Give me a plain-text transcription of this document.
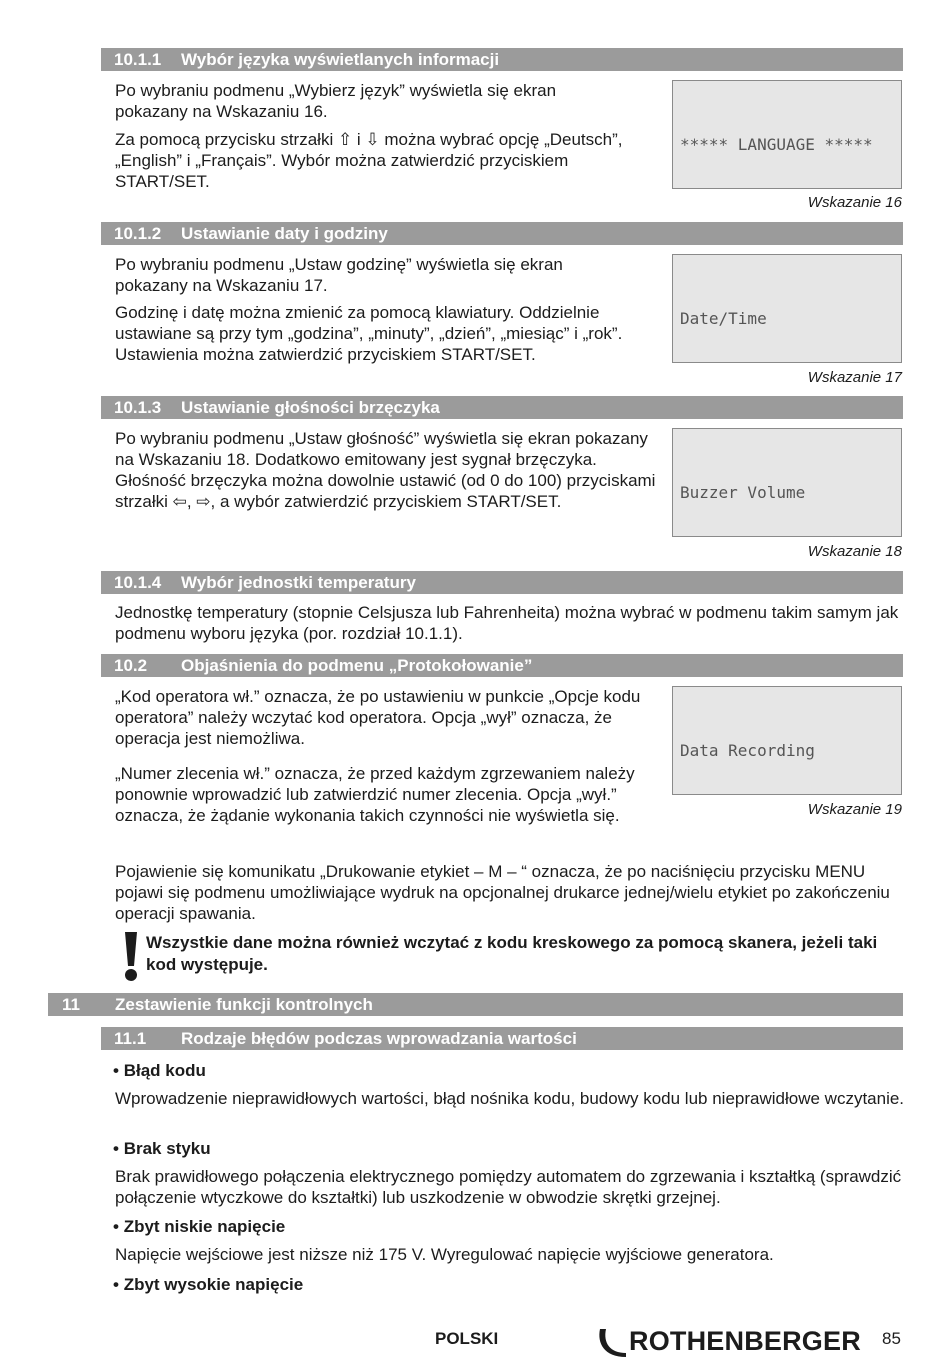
10.1.1 Wybór języka wyświetlanych informacji

Po wybraniu podmenu „Wybierz język” wyświetla się ekran pokazany na Wskazaniu 16.

Za pomocą przycisku strzałki ⇧ i ⇩ można wybrać opcję „Deutsch”, „English” i „Français”. Wybór można zatwierdzić przyciskiem START/SET.

***** LANGUAGE *****

Wskazanie 16
10.1.2 Ustawianie daty i godziny

Po wybraniu podmenu „Ustaw godzinę” wyświetla się ekran pokazany na Wskazaniu 17.

Godzinę i datę można zmienić za pomocą klawiatury. Oddzielnie ustawiane są przy tym „godzina”, „minuty”, „dzień”, „miesiąc” i „rok”. Ustawienia można zatwierdzić przyciskiem START/SET.

Date/Time

Wskazanie 17
10.1.3 Ustawianie głośności brzęczyka

Po wybraniu podmenu „Ustaw głośność” wyświetla się ekran pokazany na Wskazaniu 18. Dodatkowo emitowany jest sygnał brzęczyka. Głośność brzęczyka można dowolnie ustawić (od 0 do 100) przyciskami strzałki ⇦, ⇨, a wybór zatwierdzić przyciskiem START/SET.

	Buzzer Volume

Wskazanie 18
10.1.4 Wybór jednostki temperatury

Jednostkę temperatury (stopnie Celsjusza lub Fahrenheita) można wybrać w podmenu takim samym jak podmenu wyboru języka (por. rozdział 10.1.1).

10.2 Objaśnienia do podmenu „Protokołowanie”

„Kod operatora wł.” oznacza, że po ustawieniu w punkcie „Opcje kodu operatora” należy wczytać kod operatora. Opcja „wył” oznacza, że operacja jest niemożliwa.

„Numer zlecenia wł.” oznacza, że przed każdym zgrzewaniem należy ponownie wprowadzić lub zatwierdzić numer zlecenia. Opcja „wył.” oznacza, że żądanie wykonania takich czynności nie wyświetla się.

Data Recording

Wskazanie 19

Pojawienie się komunikatu „Drukowanie etykiet – M – “ oznacza, że po naciśnięciu przycisku MENU pojawi się podmenu umożliwiające wydruk na opcjonalnej drukarce jednej/wielu etykiet po zakończeniu operacji spawania.

Wszystkie dane można również wczytać z kodu kreskowego za pomocą skanera, jeżeli taki kod występuje.

11 Zestawienie funkcji kontrolnych
11.1 Rodzaje błędów podczas wprowadzania wartości
• Błąd kodu

Wprowadzenie nieprawidłowych wartości, błąd nośnika kodu, budowy kodu lub nieprawidłowe wczytanie.

• Brak styku

Brak prawidłowego połączenia elektrycznego pomiędzy automatem do zgrzewania i kształtką (sprawdzić połączenie wtyczkowe do kształtki) lub uszkodzenie w obwodzie skrętki grzejnej.

• Zbyt niskie napięcie

Napięcie wejściowe jest niższe niż 175 V. Wyregulować napięcie wyjściowe generatora.

• Zbyt wysokie napięcie
POLSKI	ROTHENBERGER 85
